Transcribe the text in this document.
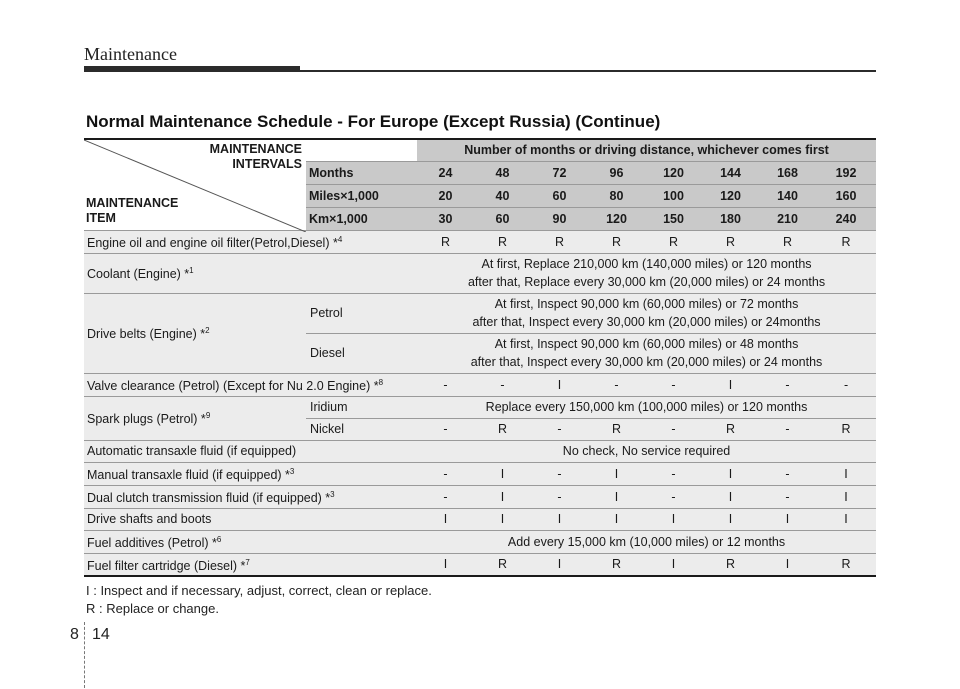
Maintenance
Normal Maintenance Schedule - For Europe (Except Russia) (Continue)
MAINTENANCE
INTERVALS
MAINTENANCE
ITEM		Number of months or driving distance, whichever comes first							
	Months	24	48	72	96	120	144	168	192
	Miles×1,000	20	40	60	80	100	120	140	160
	Km×1,000	30	60	90	120	150	180	210	240
Engine oil and engine oil filter(Petrol,Diesel) *$^4$		R	R	R	R	R	R	R	R
Coolant (Engine) *$^1$		At first, Replace 210,000 km (140,000 miles) or 120 months
after that, Replace every 30,000 km (20,000 miles) or 24 months							

Drive belts (Engine) *$^2$	Petrol	At first, Inspect 90,000 km (60,000 miles) or 72 months
after that, Inspect every 30,000 km (20,000 miles) or 24months							

	Diesel	At first, Inspect 90,000 km (60,000 miles) or 48 months
after that, Inspect every 30,000 km (20,000 miles) or 24 months							

Valve clearance (Petrol) (Except for Nu 2.0 Engine) *$^8$		-	-	I	-	-	I	-	-
Spark plugs (Petrol) *$^9$	Iridium	Replace every 150,000 km (100,000 miles) or 120 months							
	Nickel	-	R	-	R	-	R	-	R
Automatic transaxle fluid (if equipped)		No check, No service required							
Manual transaxle fluid (if equipped) *$^3$		-	I	-	I	-	I	-	I
Dual clutch transmission fluid (if equipped) *$^3$		-	I	-	I	-	I	-	I
Drive shafts and boots		I	I	I	I	I	I	I	I
Fuel additives (Petrol) *$^6$		Add every 15,000 km (10,000 miles) or 12 months							
Fuel filter cartridge (Diesel) *$^7$		I	R	I	R	I	R	I	R
I : Inspect and if necessary, adjust, correct, clean or replace.
R : Replace or change.
8 14
